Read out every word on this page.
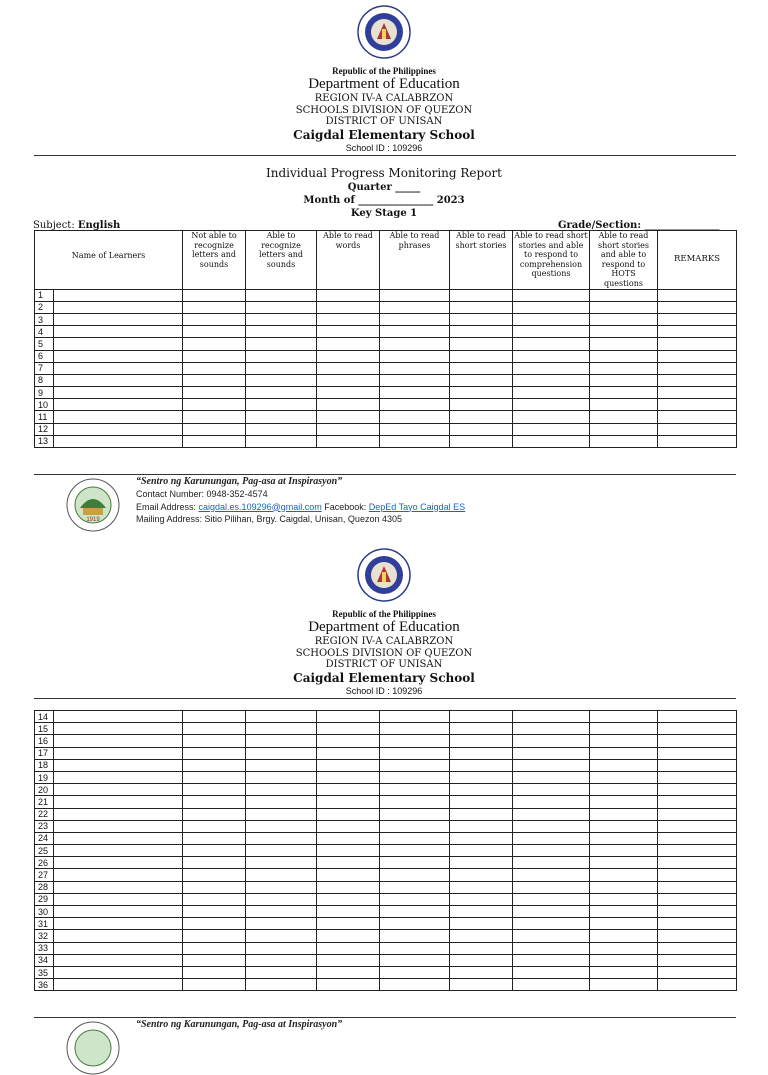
Republic of the Philippines
Department of Education
REGION IV-A CALABRZON
SCHOOLS DIVISION OF QUEZON
DISTRICT OF UNISAN
Caigdal Elementary School
School ID : 109296
Individual Progress Monitoring Report
Quarter _____
Month of _______________ 2023
Key Stage 1
Subject: English	Grade/Section: _______________
Name of Learners		Not able to recognize letters and sounds	Able to recognize letters and sounds	Able to read words	Able to read phrases	Able to read short stories	Able to read short stories and able to respond to comprehension questions	Able to read short stories and able to respond to HOTS questions	REMARKS
1									
2									
3									
4									
5									
6									
7									
8									
9									
10									
11									
12									
13									
1919
“Sentro ng Karunungan, Pag-asa at Inspirasyon”
Contact Number: 0948-352-4574
Email Address: caigdal.es.109296@gmail.com Facebook: DepEd Tayo Caigdal ES
Mailing Address: Sitio Pilihan, Brgy. Caigdal, Unisan, Quezon 4305
Republic of the Philippines
Department of Education
REGION IV-A CALABRZON
SCHOOLS DIVISION OF QUEZON
DISTRICT OF UNISAN
Caigdal Elementary School
School ID : 109296
14									
15									
16									
17									
18									
19									
20									
21									
22									
23									
24									
25									
26									
27									
28									
29									
30									
31									
32									
33									
34									
35									
36									
“Sentro ng Karunungan, Pag-asa at Inspirasyon”
